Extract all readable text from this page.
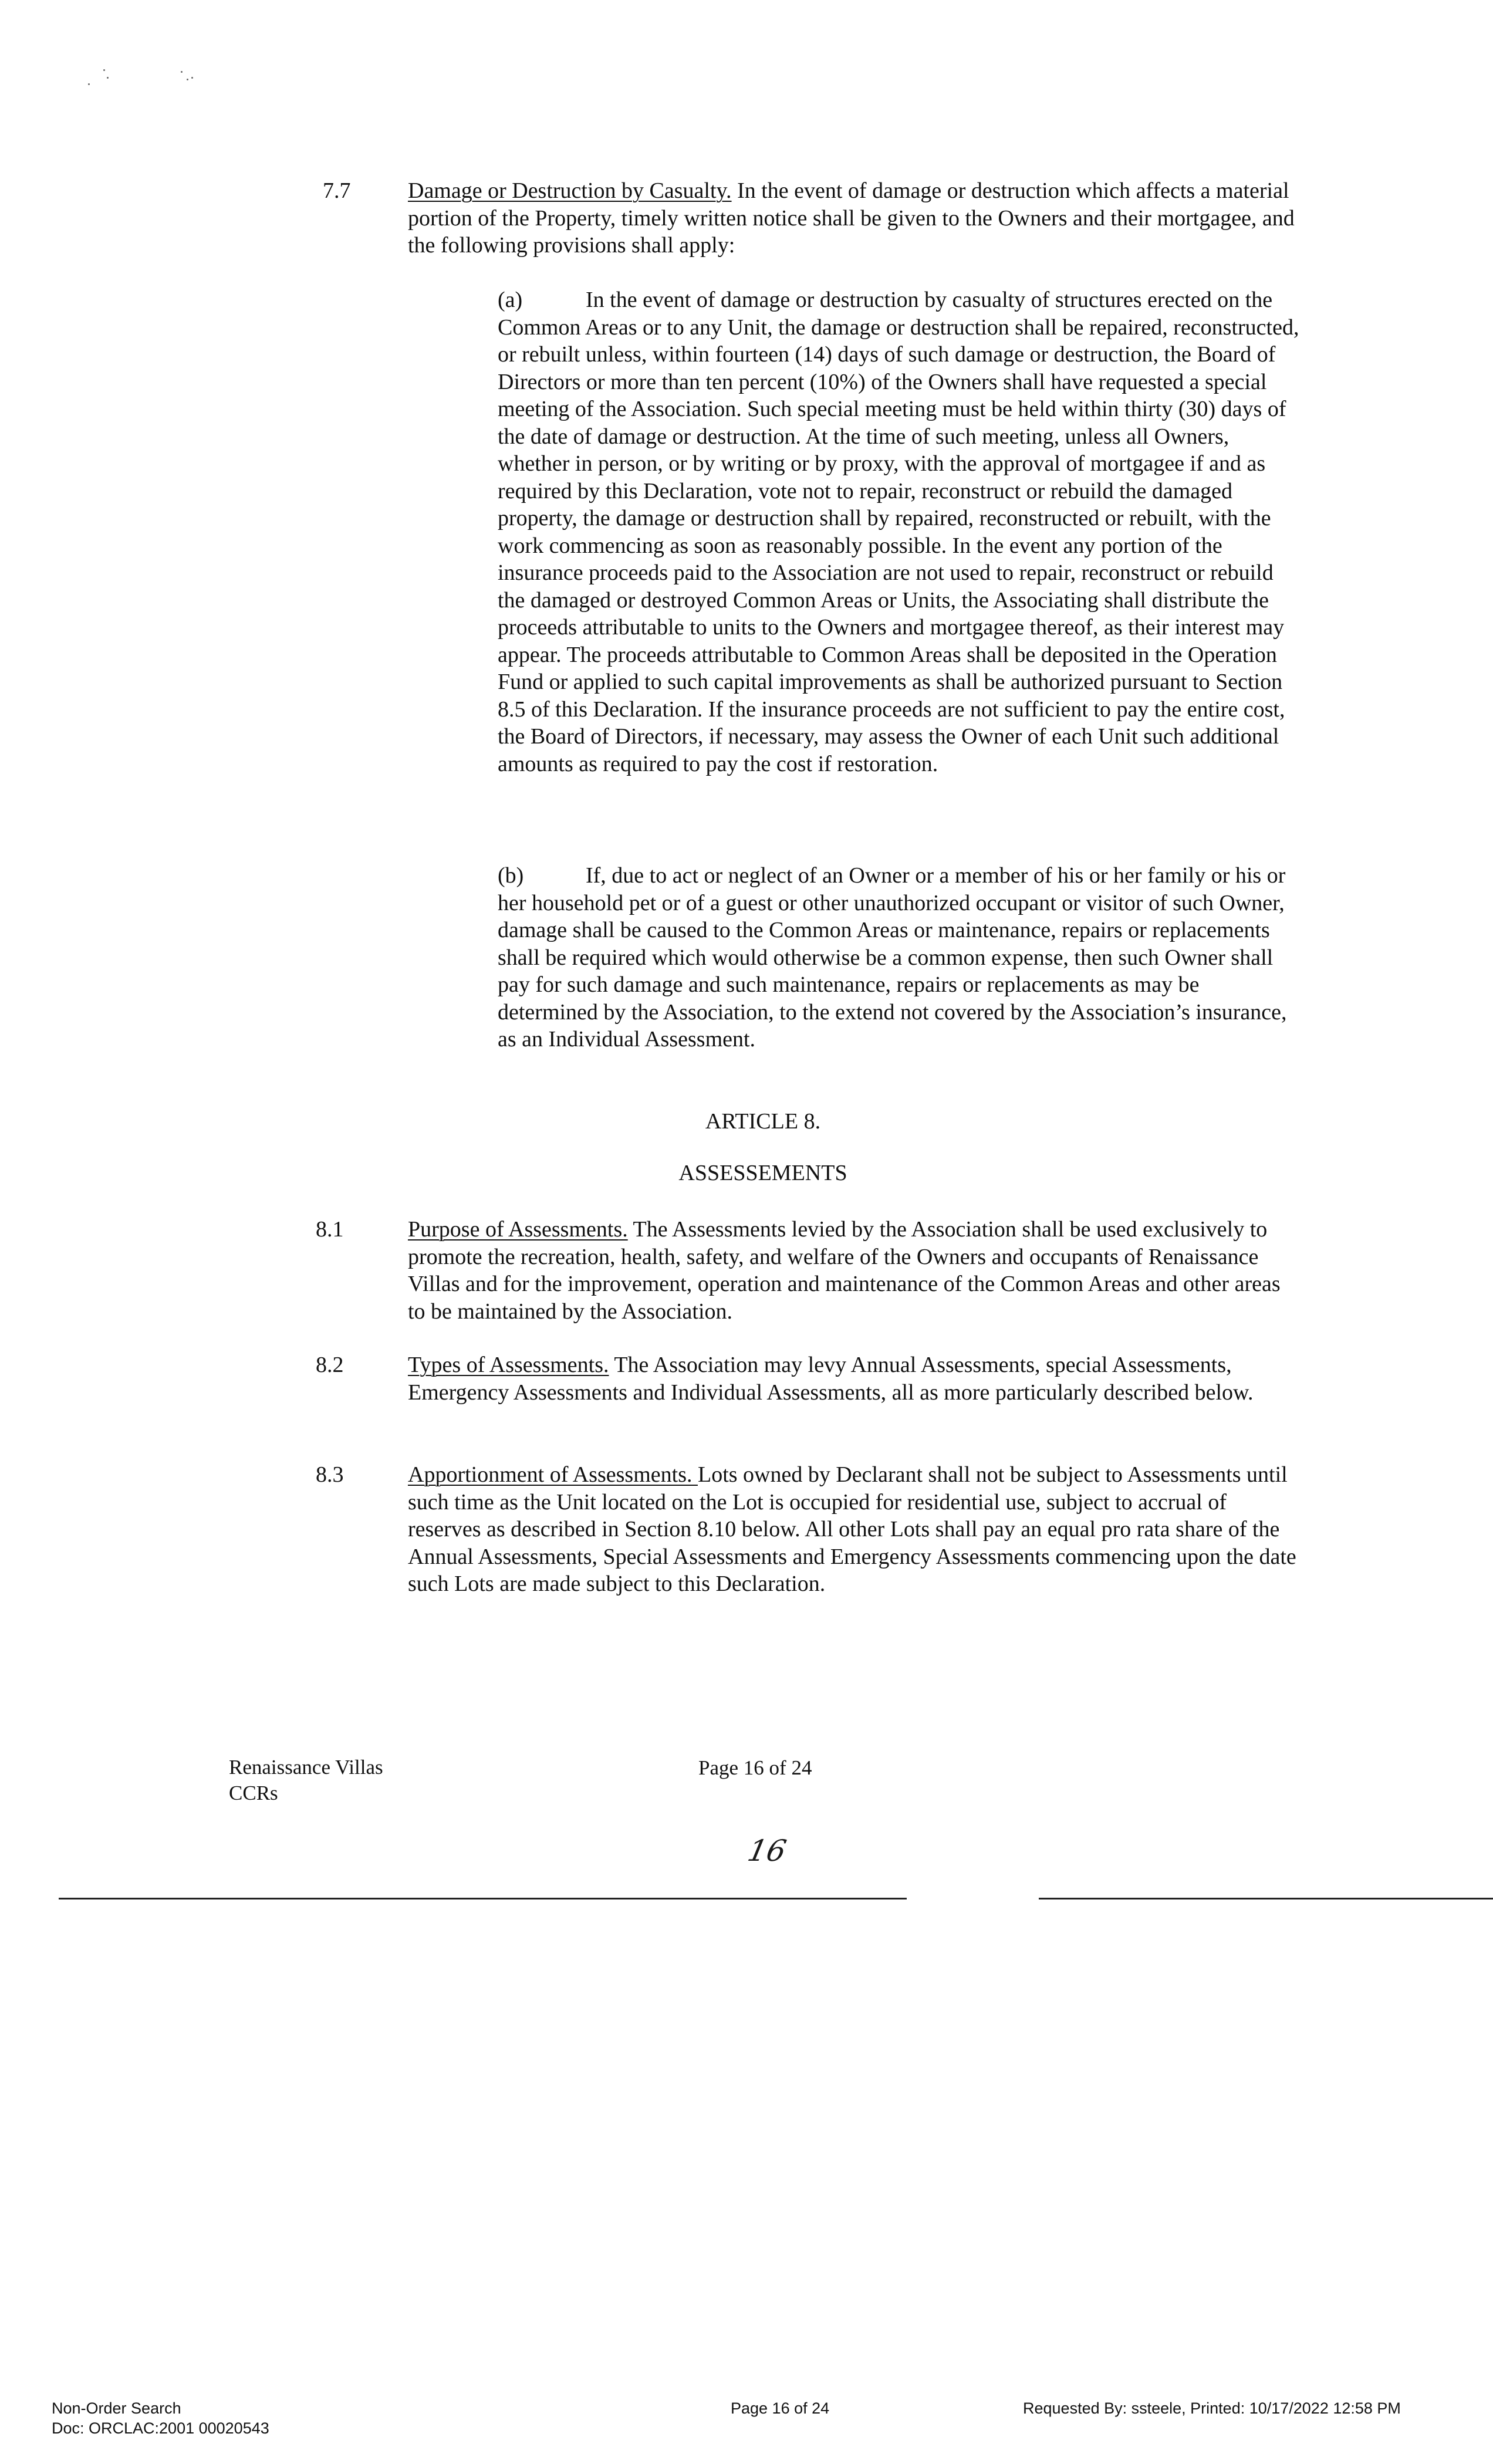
7.7	Damage or Destruction by Casualty. In the event of damage or destruction which affects a material portion of the Property, timely written notice shall be given to the Owners and their mortgagee, and the following provisions shall apply:
(a)	In the event of damage or destruction by casualty of structures erected on the Common Areas or to any Unit, the damage or destruction shall be repaired, reconstructed, or rebuilt unless, within fourteen (14) days of such damage or destruction, the Board of Directors or more than ten percent (10%) of the Owners shall have requested a special meeting of the Association. Such special meeting must be held within thirty (30) days of the date of damage or destruction. At the time of such meeting, unless all Owners, whether in person, or by writing or by proxy, with the approval of mortgagee if and as required by this Declaration, vote not to repair, reconstruct or rebuild the damaged property, the damage or destruction shall by repaired, reconstructed or rebuilt, with the work commencing as soon as reasonably possible. In the event any portion of the insurance proceeds paid to the Association are not used to repair, reconstruct or rebuild the damaged or destroyed Common Areas or Units, the Associating shall distribute the proceeds attributable to units to the Owners and mortgagee thereof, as their interest may appear. The proceeds attributable to Common Areas shall be deposited in the Operation Fund or applied to such capital improvements as shall be authorized pursuant to Section 8.5 of this Declaration. If the insurance proceeds are not sufficient to pay the entire cost, the Board of Directors, if necessary, may assess the Owner of each Unit such additional amounts as required to pay the cost if restoration.
(b)	If, due to act or neglect of an Owner or a member of his or her family or his or her household pet or of a guest or other unauthorized occupant or visitor of such Owner, damage shall be caused to the Common Areas or maintenance, repairs or replacements shall be required which would otherwise be a common expense, then such Owner shall pay for such damage and such maintenance, repairs or replacements as may be determined by the Association, to the extend not covered by the Association’s insurance, as an Individual Assessment.
ARTICLE 8.
ASSESSEMENTS
8.1	Purpose of Assessments. The Assessments levied by the Association shall be used exclusively to promote the recreation, health, safety, and welfare of the Owners and occupants of Renaissance Villas and for the improvement, operation and maintenance of the Common Areas and other areas to be maintained by the Association.
8.2	Types of Assessments. The Association may levy Annual Assessments, special Assessments, Emergency Assessments and Individual Assessments, all as more particularly described below.
8.3	Apportionment of Assessments. Lots owned by Declarant shall not be subject to Assessments until such time as the Unit located on the Lot is occupied for residential use, subject to accrual of reserves as described in Section 8.10 below. All other Lots shall pay an equal pro rata share of the Annual Assessments, Special Assessments and Emergency Assessments commencing upon the date such Lots are made subject to this Declaration.
Renaissance Villas
CCRs
Page 16 of 24
16
Non-Order Search
Doc: ORCLAC:2001 00020543
Page 16 of 24	Requested By: ssteele, Printed: 10/17/2022 12:58 PM
